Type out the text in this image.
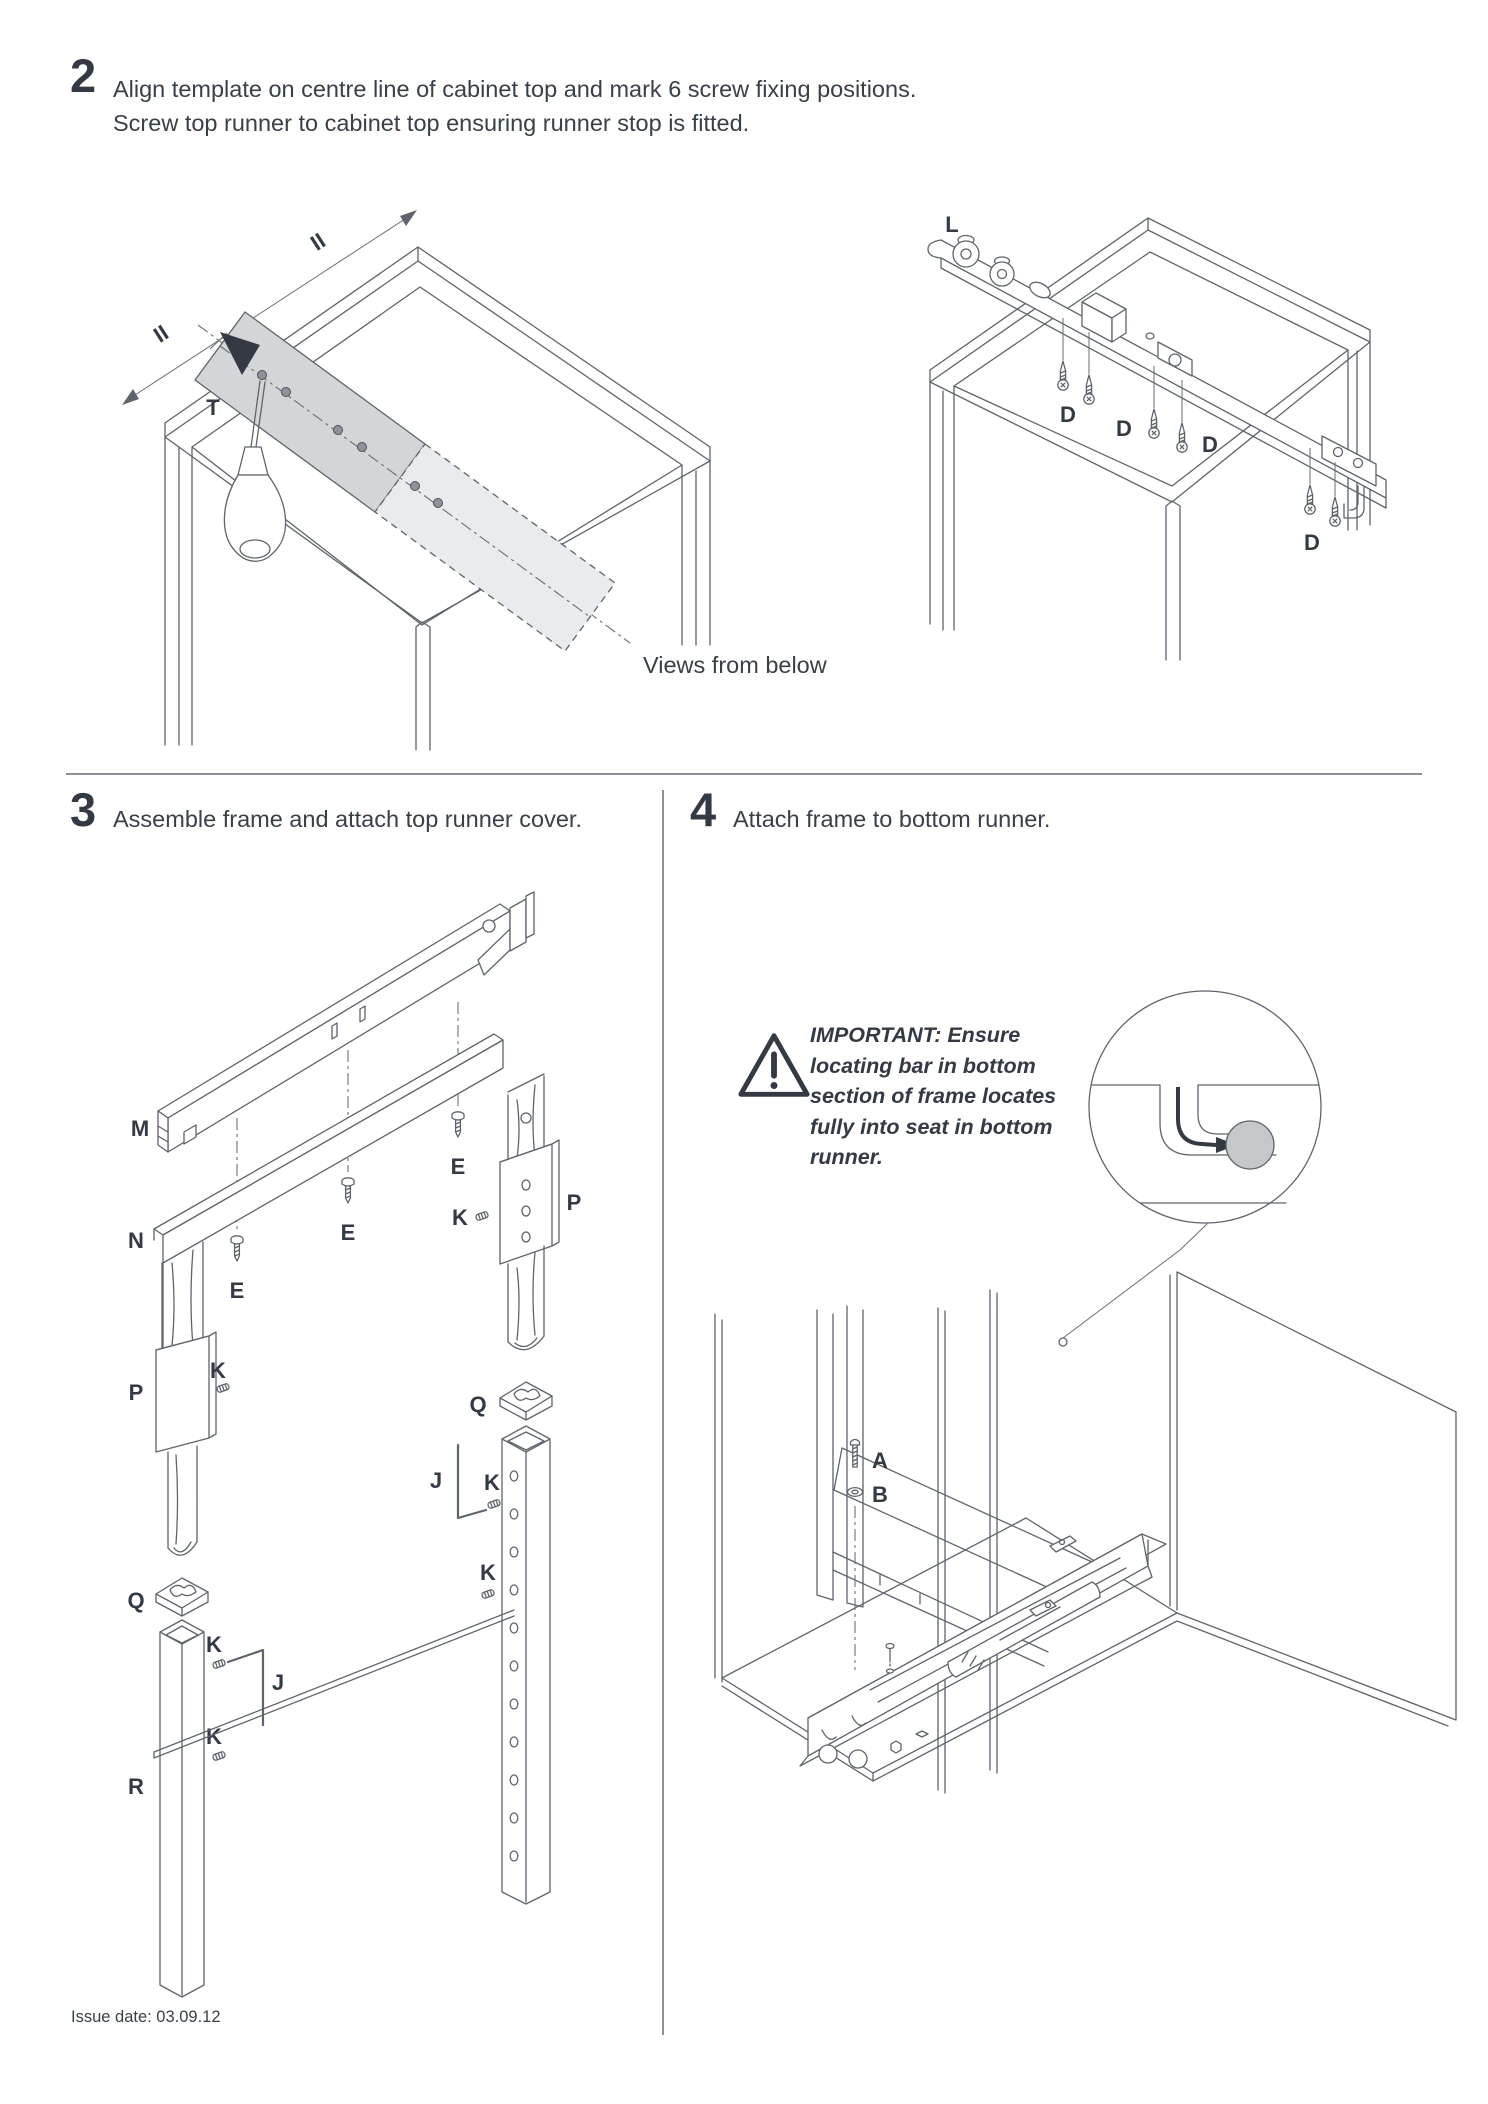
2 Align template on centre line of cabinet top and mark 6 screw fixing positions.
Screw top runner to cabinet top ensuring runner stop is fitted.
II
II
T
L
D
D
D
D
Views from below
3 Assemble frame and attach top runner cover.
M
E
E
E
N
P
K
P
K
Q
Q
J K
K
R
K
J
K
4 Attach frame to bottom runner.
IMPORTANT: Ensure locating bar in bottom section of frame locates fully into seat in bottom runner.
A
B
Issue date: 03.09.12
